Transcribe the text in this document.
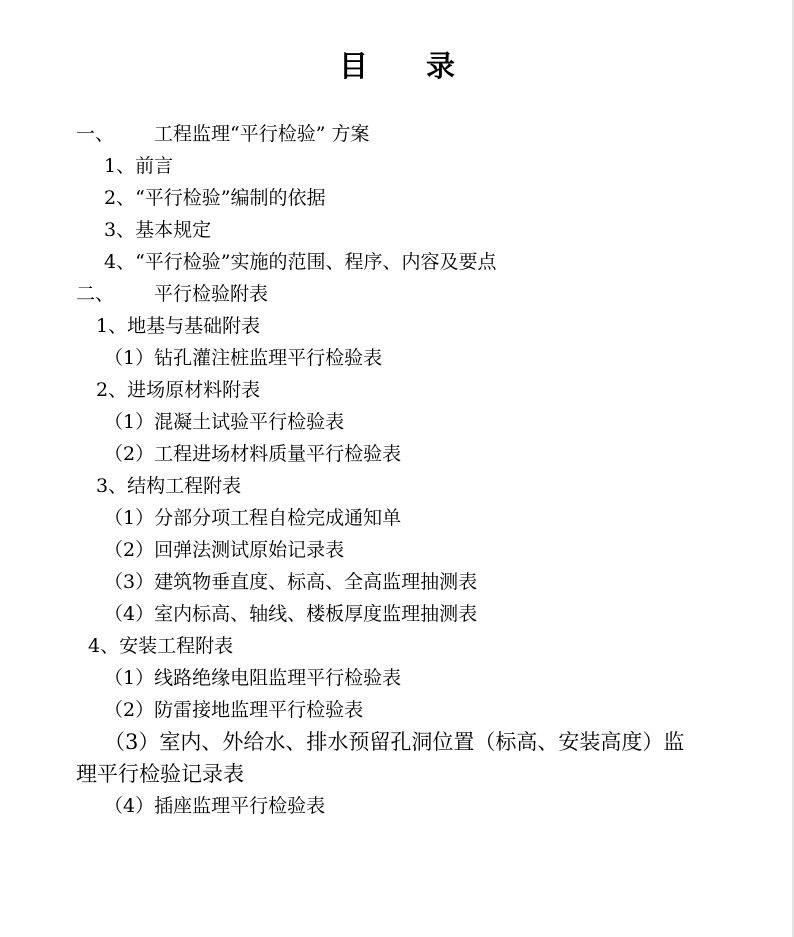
目 录
一、 工程监理“平行检验” 方案
1、前言
2、“平行检验”编制的依据
3、基本规定
4、“平行检验”实施的范围、程序、内容及要点
二、 平行检验附表
1、地基与基础附表
（1）钻孔灌注桩监理平行检验表
2、进场原材料附表
（1）混凝土试验平行检验表
（2）工程进场材料质量平行检验表
3、结构工程附表
（1）分部分项工程自检完成通知单
（2）回弹法测试原始记录表
（3）建筑物垂直度、标高、全高监理抽测表
（4）室内标高、轴线、楼板厚度监理抽测表
4、安装工程附表
（1）线路绝缘电阻监理平行检验表
（2）防雷接地监理平行检验表
（3）室内、外给水、排水预留孔洞位置（标高、安装高度）监
理平行检验记录表
（4）插座监理平行检验表
